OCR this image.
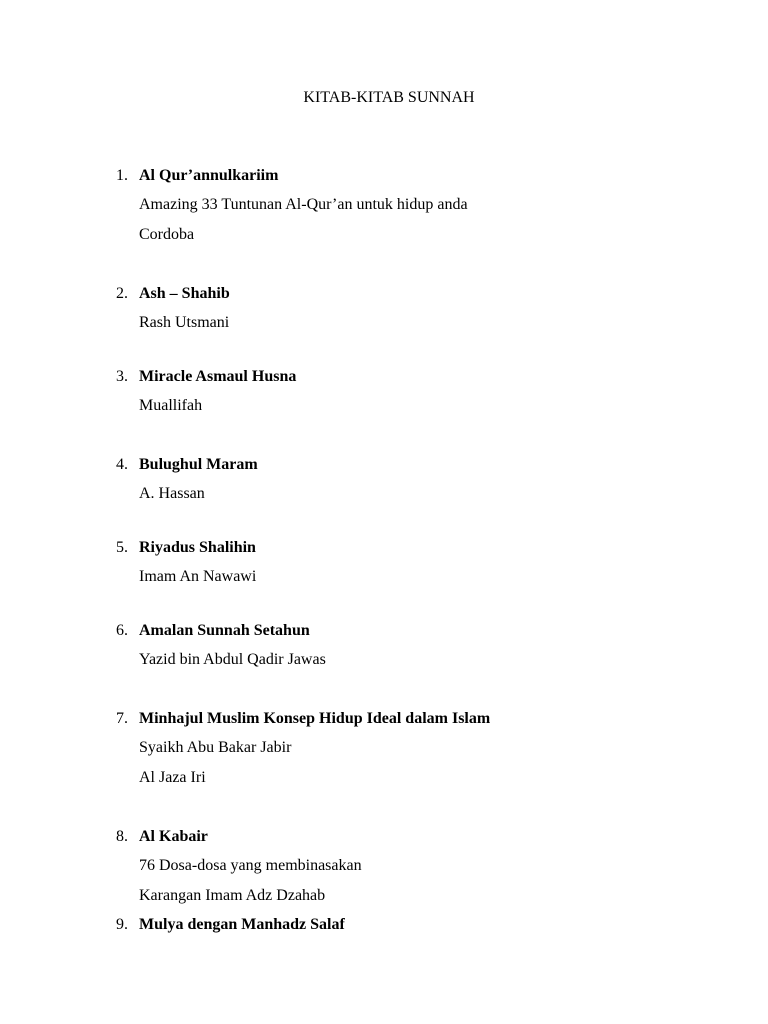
KITAB-KITAB SUNNAH
1. Al Qur’annulkariim
Amazing 33 Tuntunan Al-Qur’an untuk hidup anda
Cordoba
2. Ash – Shahib
Rash Utsmani
3. Miracle Asmaul Husna
Muallifah
4. Bulughul Maram
A. Hassan
5. Riyadus Shalihin
Imam An Nawawi
6. Amalan Sunnah Setahun
Yazid bin Abdul Qadir Jawas
7. Minhajul Muslim Konsep Hidup Ideal dalam Islam
Syaikh Abu Bakar Jabir
Al Jaza Iri
8. Al Kabair
76 Dosa-dosa yang membinasakan
Karangan Imam Adz Dzahab
9. Mulya dengan Manhadz Salaf
